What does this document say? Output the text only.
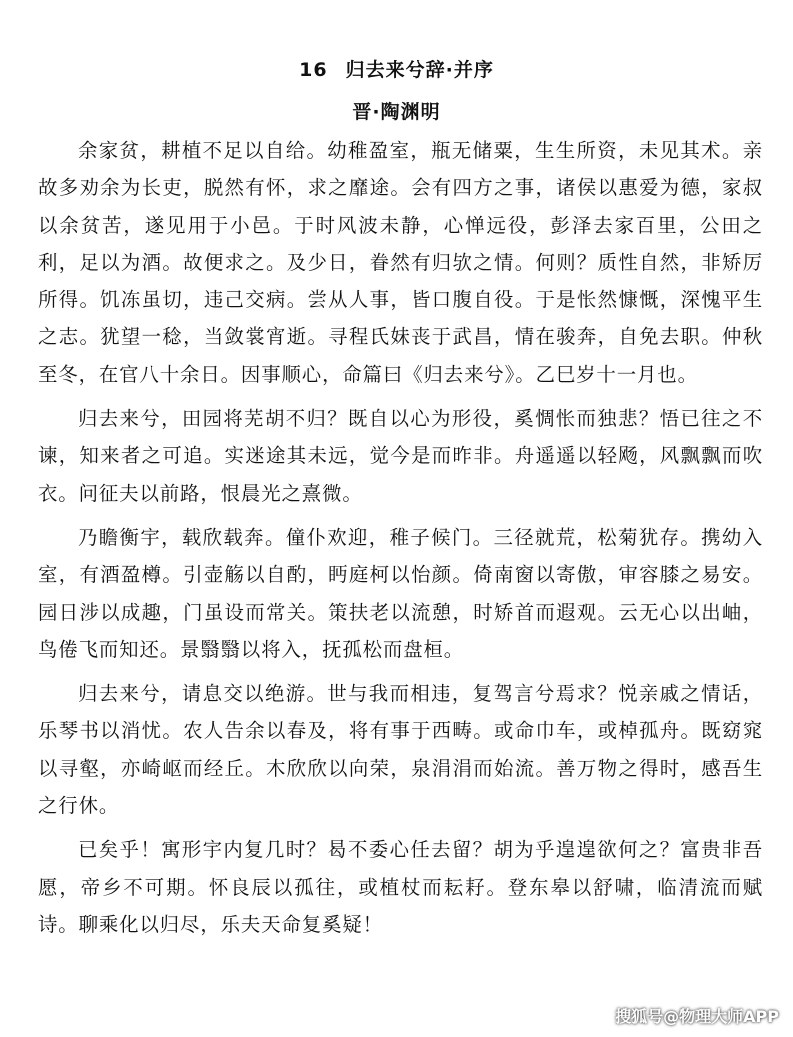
16 归去来兮辞·并序
晋·陶渊明

余家贫，耕植不足以自给。幼稚盈室，瓶无储粟，生生所资，未见其术。亲故多劝余为长吏，脱然有怀，求之靡途。会有四方之事，诸侯以惠爱为德，家叔以余贫苦，遂见用于小邑。于时风波未静，心惮远役，彭泽去家百里，公田之利，足以为酒。故便求之。及少日，眷然有归欤之情。何则？质性自然，非矫厉所得。饥冻虽切，违己交病。尝从人事，皆口腹自役。于是怅然慷慨，深愧平生之志。犹望一稔，当敛裳宵逝。寻程氏妹丧于武昌，情在骏奔，自免去职。仲秋至冬，在官八十余日。因事顺心，命篇曰《归去来兮》。乙巳岁十一月也。

归去来兮，田园将芜胡不归？既自以心为形役，奚惆怅而独悲？悟已往之不谏，知来者之可追。实迷途其未远，觉今是而昨非。舟遥遥以轻飏，风飘飘而吹衣。问征夫以前路，恨晨光之熹微。

乃瞻衡宇，载欣载奔。僮仆欢迎，稚子候门。三径就荒，松菊犹存。携幼入室，有酒盈樽。引壶觞以自酌，眄庭柯以怡颜。倚南窗以寄傲，审容膝之易安。园日涉以成趣，门虽设而常关。策扶老以流憩，时矫首而遐观。云无心以出岫，鸟倦飞而知还。景翳翳以将入，抚孤松而盘桓。

归去来兮，请息交以绝游。世与我而相违，复驾言兮焉求？悦亲戚之情话，乐琴书以消忧。农人告余以春及，将有事于西畴。或命巾车，或棹孤舟。既窈窕以寻壑，亦崎岖而经丘。木欣欣以向荣，泉涓涓而始流。善万物之得时，感吾生之行休。

已矣乎！寓形宇内复几时？曷不委心任去留？胡为乎遑遑欲何之？富贵非吾愿，帝乡不可期。怀良辰以孤往，或植杖而耘耔。登东皋以舒啸，临清流而赋诗。聊乘化以归尽，乐夫天命复奚疑！

搜狐号@物理大师APP
